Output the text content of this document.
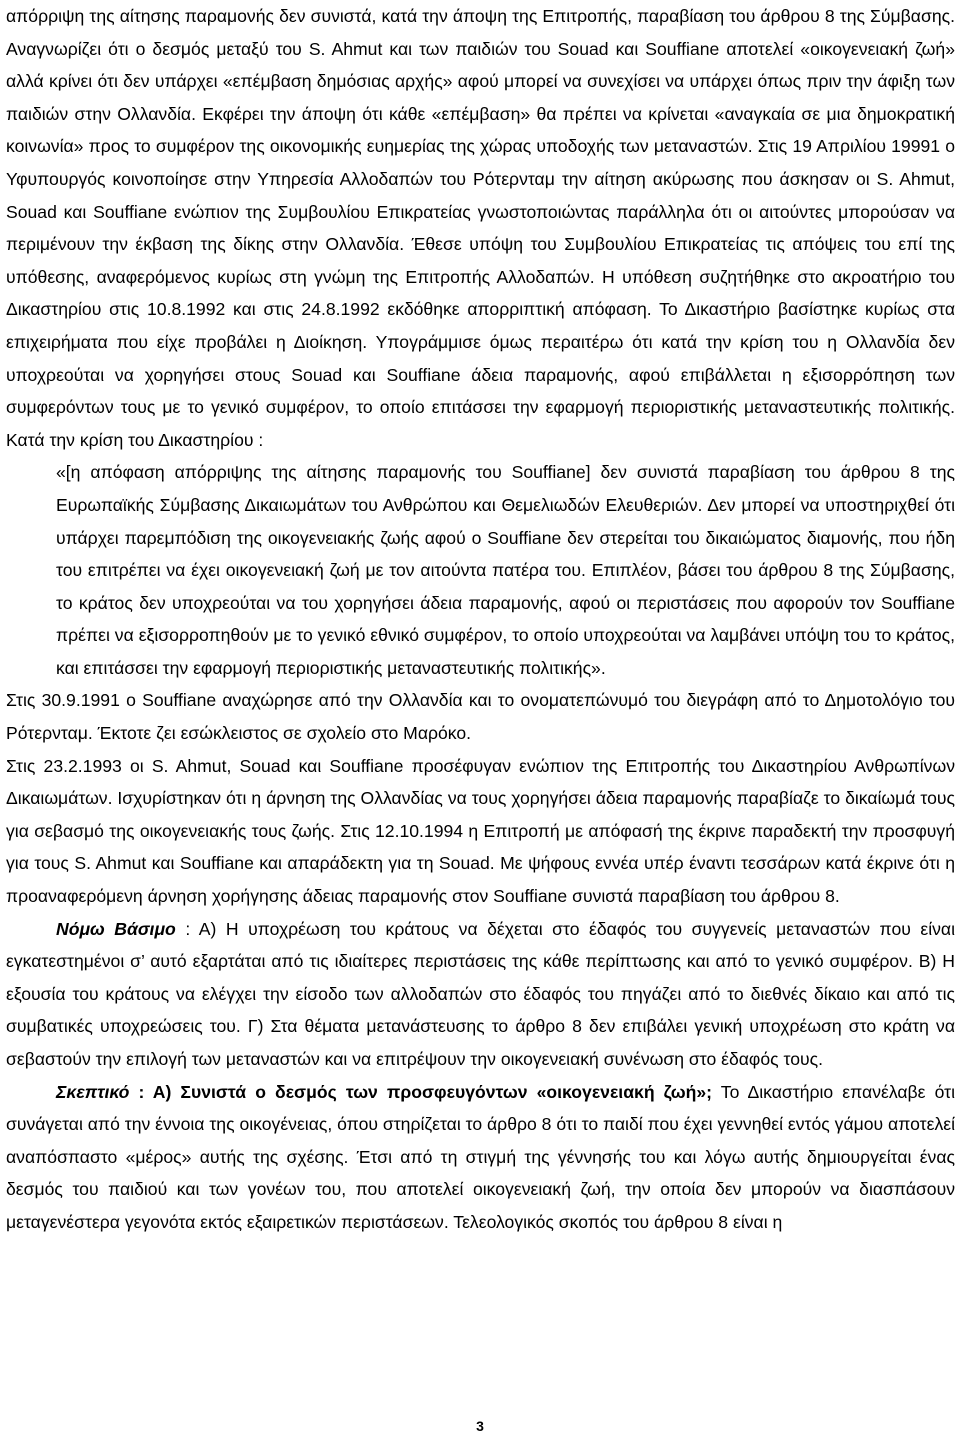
απόρριψη της αίτησης παραμονής δεν συνιστά, κατά την άποψη της Επιτροπής, παραβίαση του άρθρου 8 της Σύμβασης. Αναγνωρίζει ότι ο δεσμός μεταξύ του S. Ahmut και των παιδιών του Souad και Souffiane αποτελεί «οικογενειακή ζωή» αλλά κρίνει ότι δεν υπάρχει «επέμβαση δημόσιας αρχής» αφού μπορεί να συνεχίσει να υπάρχει όπως πριν την άφιξη των παιδιών στην Ολλανδία. Εκφέρει την άποψη ότι κάθε «επέμβαση» θα πρέπει να κρίνεται «αναγκαία σε μια δημοκρατική κοινωνία» προς το συμφέρον της οικονομικής ευημερίας της χώρας υποδοχής των μεταναστών. Στις 19 Απριλίου 19991 ο Υφυπουργός κοινοποίησε στην Υπηρεσία Αλλοδαπών του Ρότερνταμ την αίτηση ακύρωσης που άσκησαν οι S. Ahmut, Souad και Souffiane ενώπιον της Συμβουλίου Επικρατείας γνωστοποιώντας παράλληλα ότι οι αιτούντες μπορούσαν να περιμένουν την έκβαση της δίκης στην Ολλανδία. Έθεσε υπόψη του Συμβουλίου Επικρατείας τις απόψεις του επί της υπόθεσης, αναφερόμενος κυρίως στη γνώμη της Επιτροπής Αλλοδαπών. Η υπόθεση συζητήθηκε στο ακροατήριο του Δικαστηρίου στις 10.8.1992 και στις 24.8.1992 εκδόθηκε απορριπτική απόφαση. Το Δικαστήριο βασίστηκε κυρίως στα επιχειρήματα που είχε προβάλει η Διοίκηση. Υπογράμμισε όμως περαιτέρω ότι κατά την κρίση του η Ολλανδία δεν υποχρεούται να χορηγήσει στους Souad και Souffiane άδεια παραμονής, αφού επιβάλλεται η εξισορρόπηση των συμφερόντων τους με το γενικό συμφέρον, το οποίο επιτάσσει την εφαρμογή περιοριστικής μεταναστευτικής πολιτικής. Κατά την κρίση του Δικαστηρίου :

«[η απόφαση απόρριψης της αίτησης παραμονής του Souffiane] δεν συνιστά παραβίαση του άρθρου 8 της Ευρωπαϊκής Σύμβασης Δικαιωμάτων του Ανθρώπου και Θεμελιωδών Ελευθεριών. Δεν μπορεί να υποστηριχθεί ότι υπάρχει παρεμπόδιση της οικογενειακής ζωής αφού ο Souffiane δεν στερείται του δικαιώματος διαμονής, που ήδη του επιτρέπει να έχει οικογενειακή ζωή με τον αιτούντα πατέρα του. Επιπλέον, βάσει του άρθρου 8 της Σύμβασης, το κράτος δεν υποχρεούται να του χορηγήσει άδεια παραμονής, αφού οι περιστάσεις που αφορούν τον Souffiane πρέπει να εξισορροπηθούν με το γενικό εθνικό συμφέρον, το οποίο υποχρεούται να λαμβάνει υπόψη του το κράτος, και επιτάσσει την εφαρμογή περιοριστικής μεταναστευτικής πολιτικής».

Στις 30.9.1991 ο Souffiane αναχώρησε από την Ολλανδία και το ονοματεπώνυμό του διεγράφη από το Δημοτολόγιο του Ρότερνταμ. Έκτοτε ζει εσώκλειστος σε σχολείο στο Μαρόκο.

Στις 23.2.1993 οι S. Ahmut, Souad και Souffiane προσέφυγαν ενώπιον της Επιτροπής του Δικαστηρίου Ανθρωπίνων Δικαιωμάτων. Ισχυρίστηκαν ότι η άρνηση της Ολλανδίας να τους χορηγήσει άδεια παραμονής παραβίαζε το δικαίωμά τους για σεβασμό της οικογενειακής τους ζωής. Στις 12.10.1994 η Επιτροπή με απόφασή της έκρινε παραδεκτή την προσφυγή για τους S. Ahmut και Souffiane και απαράδεκτη για τη Souad. Με ψήφους εννέα υπέρ έναντι τεσσάρων κατά έκρινε ότι η προαναφερόμενη άρνηση χορήγησης άδειας παραμονής στον Souffiane συνιστά παραβίαση του άρθρου 8.

Νόμω Βάσιμο : Α) Η υποχρέωση του κράτους να δέχεται στο έδαφός του συγγενείς μεταναστών που είναι εγκατεστημένοι σ’ αυτό εξαρτάται από τις ιδιαίτερες περιστάσεις της κάθε περίπτωσης και από το γενικό συμφέρον. Β) Η εξουσία του κράτους να ελέγχει την είσοδο των αλλοδαπών στο έδαφός του πηγάζει από το διεθνές δίκαιο και από τις συμβατικές υποχρεώσεις του. Γ) Στα θέματα μετανάστευσης το άρθρο 8 δεν επιβάλει γενική υποχρέωση στο κράτη να σεβαστούν την επιλογή των μεταναστών και να επιτρέψουν την οικογενειακή συνένωση στο έδαφός τους.

Σκεπτικό : Α) Συνιστά ο δεσμός των προσφευγόντων «οικογενειακή ζωή»; Το Δικαστήριο επανέλαβε ότι συνάγεται από την έννοια της οικογένειας, όπου στηρίζεται το άρθρο 8 ότι το παιδί που έχει γεννηθεί εντός γάμου αποτελεί αναπόσπαστο «μέρος» αυτής της σχέσης. Έτσι από τη στιγμή της γέννησής του και λόγω αυτής δημιουργείται ένας δεσμός του παιδιού και των γονέων του, που αποτελεί οικογενειακή ζωή, την οποία δεν μπορούν να διασπάσουν μεταγενέστερα γεγονότα εκτός εξαιρετικών περιστάσεων. Τελεολογικός σκοπός του άρθρου 8 είναι η

3
